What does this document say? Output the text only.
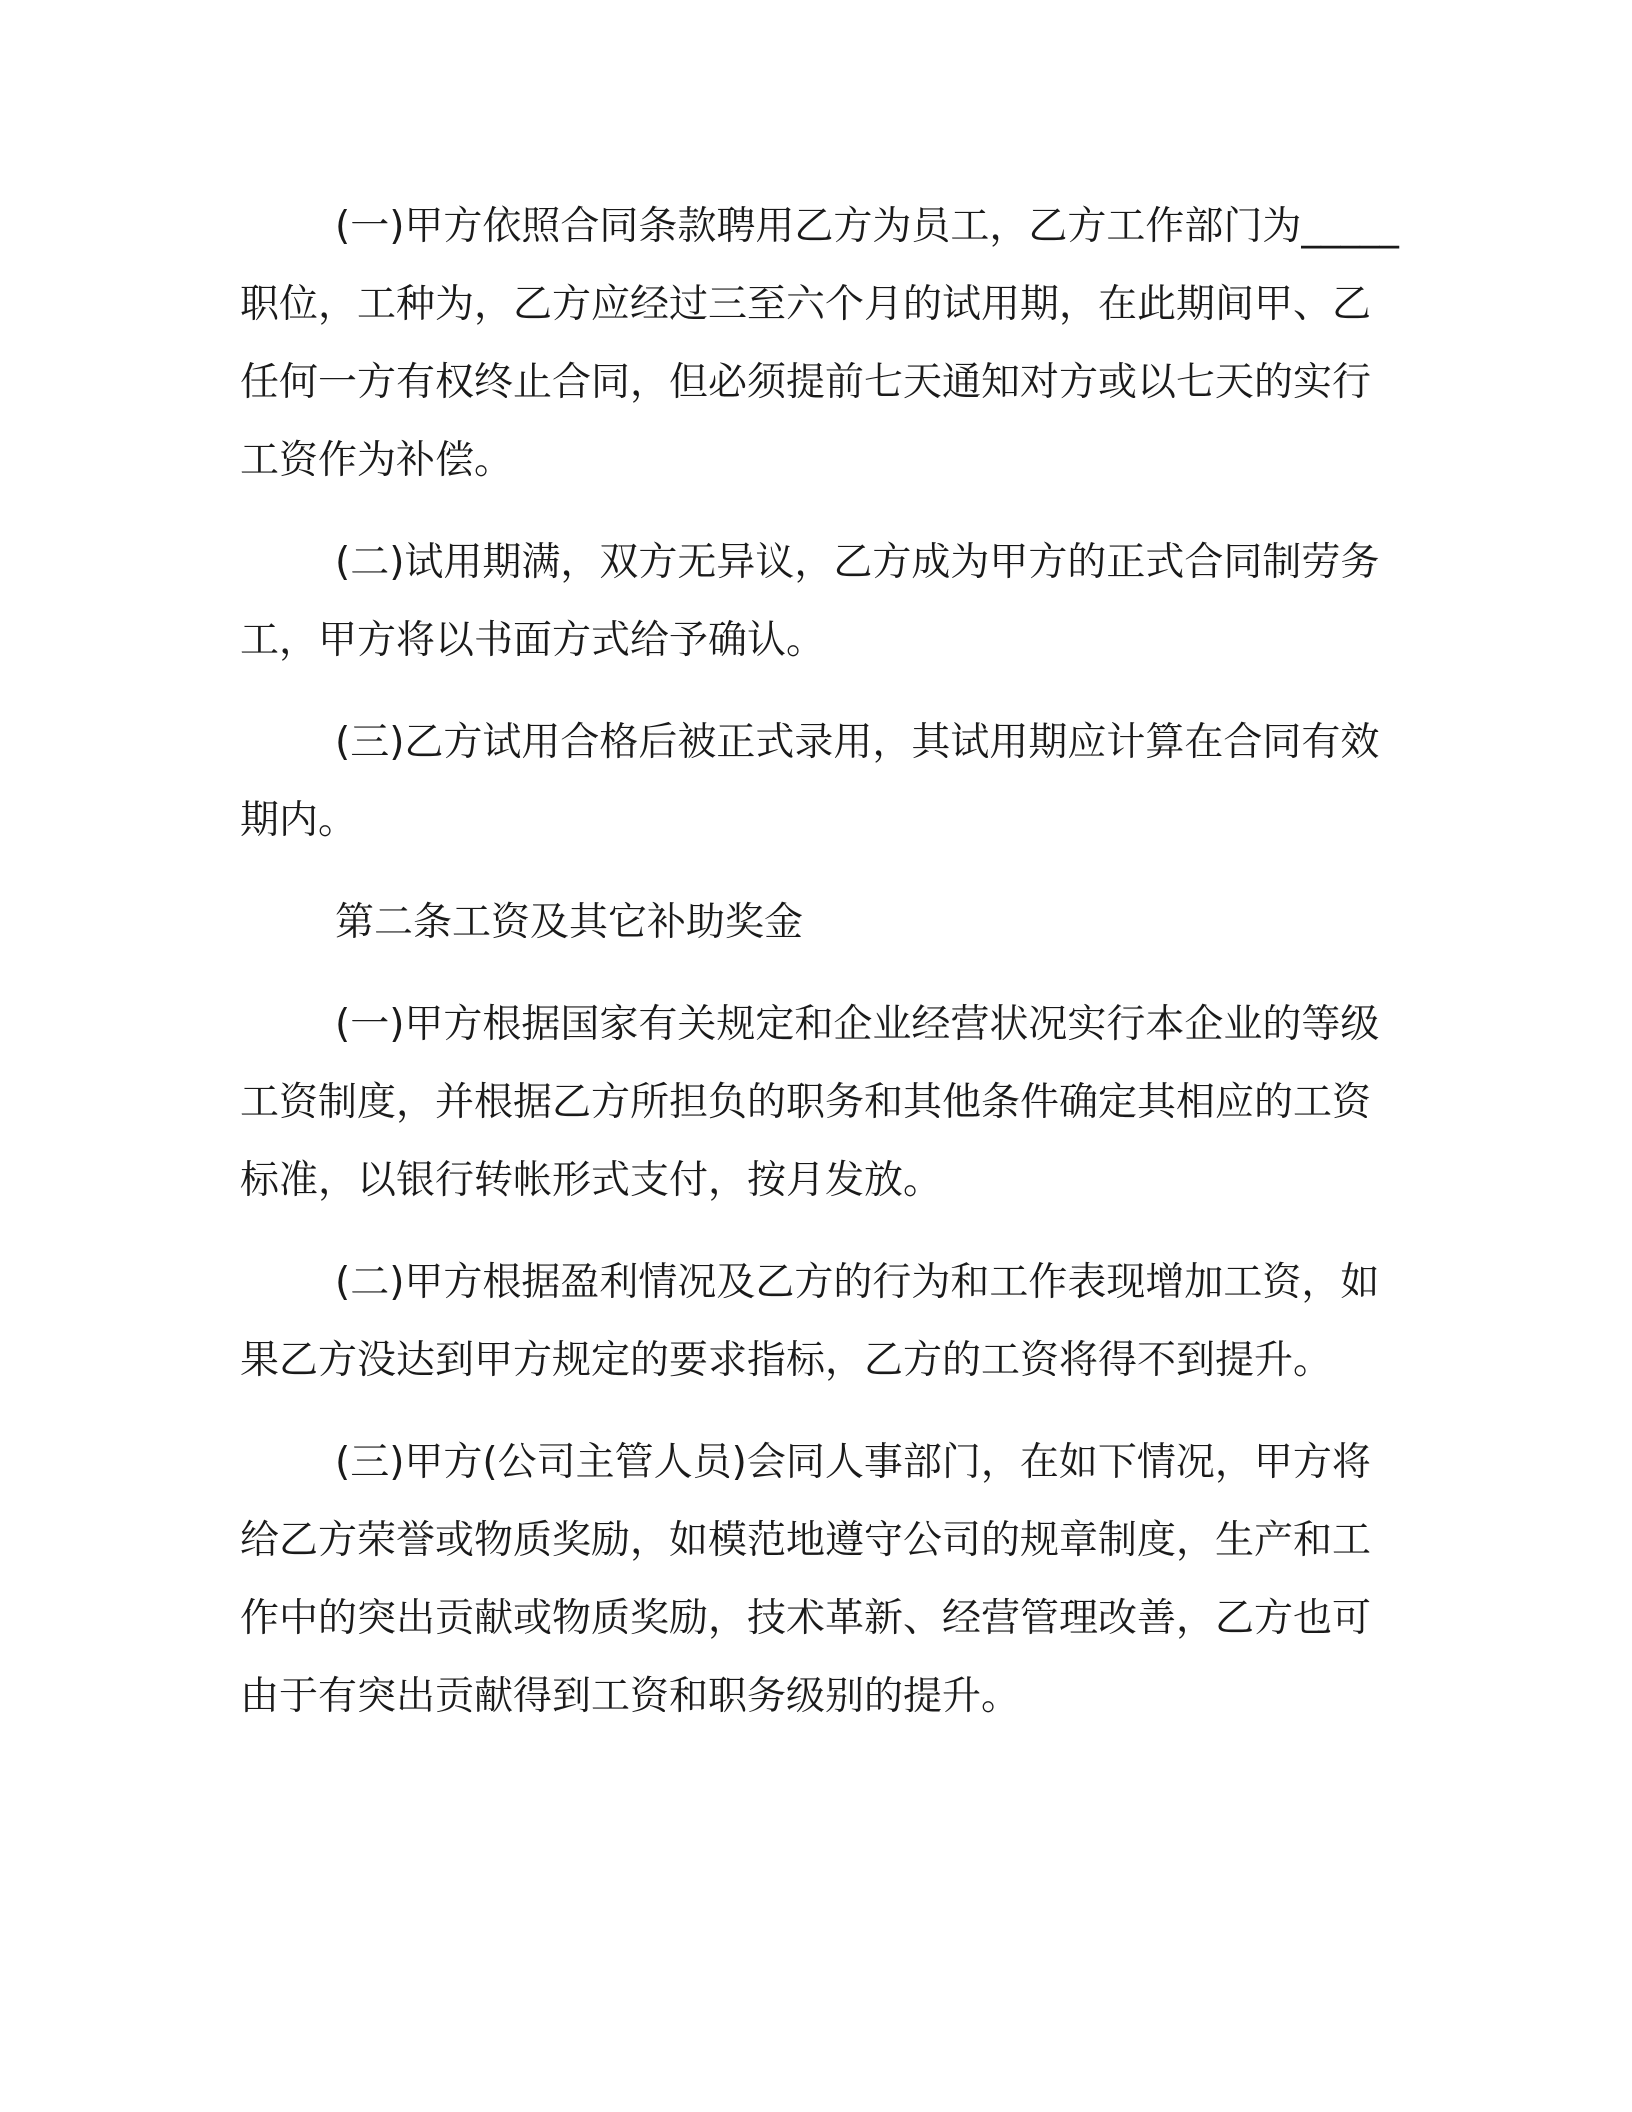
(一)甲方依照合同条款聘用乙方为员工，乙方工作部门为_____职位，工种为，乙方应经过三至六个月的试用期，在此期间甲、乙任何一方有权终止合同，但必须提前七天通知对方或以七天的实行工资作为补偿。

(二)试用期满，双方无异议，乙方成为甲方的正式合同制劳务工，甲方将以书面方式给予确认。

(三)乙方试用合格后被正式录用，其试用期应计算在合同有效期内。

第二条工资及其它补助奖金

(一)甲方根据国家有关规定和企业经营状况实行本企业的等级工资制度，并根据乙方所担负的职务和其他条件确定其相应的工资标准，以银行转帐形式支付，按月发放。

(二)甲方根据盈利情况及乙方的行为和工作表现增加工资，如果乙方没达到甲方规定的要求指标，乙方的工资将得不到提升。

(三)甲方(公司主管人员)会同人事部门，在如下情况，甲方将给乙方荣誉或物质奖励，如模范地遵守公司的规章制度，生产和工作中的突出贡献或物质奖励，技术革新、经营管理改善，乙方也可由于有突出贡献得到工资和职务级别的提升。
